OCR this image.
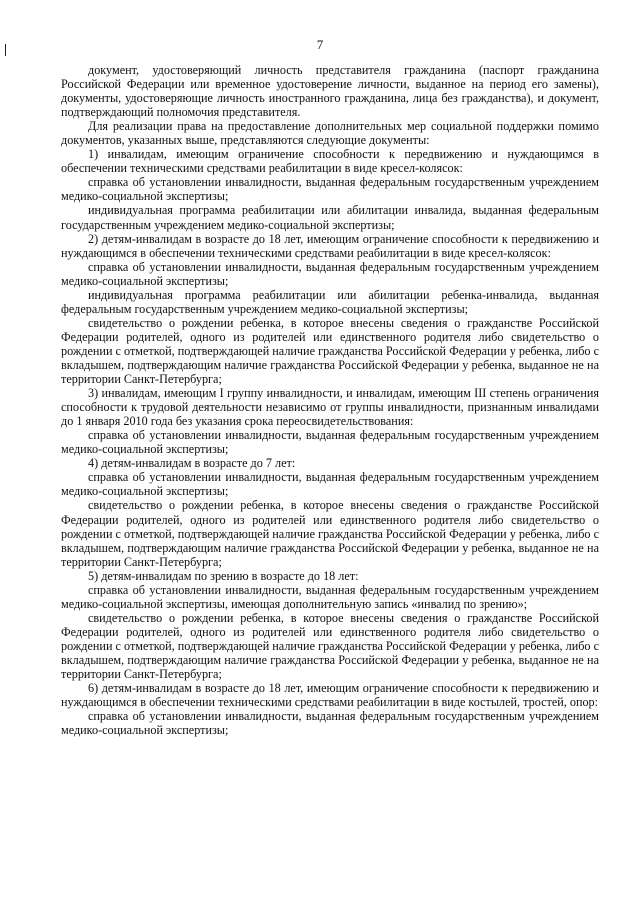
7

документ, удостоверяющий личность представителя гражданина (паспорт гражданина Российской Федерации или временное удостоверение личности, выданное на период его замены), документы, удостоверяющие личность иностранного гражданина, лица без гражданства), и документ, подтверждающий полномочия представителя.

Для реализации права на предоставление дополнительных мер социальной поддержки помимо документов, указанных выше, представляются следующие документы:

1) инвалидам, имеющим ограничение способности к передвижению и нуждающимся в обеспечении техническими средствами реабилитации в виде кресел-колясок:

справка об установлении инвалидности, выданная федеральным государственным учреждением медико-социальной экспертизы;

индивидуальная программа реабилитации или абилитации инвалида, выданная федеральным государственным учреждением медико-социальной экспертизы;

2) детям-инвалидам в возрасте до 18 лет, имеющим ограничение способности к передвижению и нуждающимся в обеспечении техническими средствами реабилитации в виде кресел-колясок:

справка об установлении инвалидности, выданная федеральным государственным учреждением медико-социальной экспертизы;

индивидуальная программа реабилитации или абилитации ребенка-инвалида, выданная федеральным государственным учреждением медико-социальной экспертизы;

свидетельство о рождении ребенка, в которое внесены сведения о гражданстве Российской Федерации родителей, одного из родителей или единственного родителя либо свидетельство о рождении с отметкой, подтверждающей наличие гражданства Российской Федерации у ребенка, либо с вкладышем, подтверждающим наличие гражданства Российской Федерации у ребенка, выданное не на территории Санкт-Петербурга;

3) инвалидам, имеющим I группу инвалидности, и инвалидам, имеющим III степень ограничения способности к трудовой деятельности независимо от группы инвалидности, признанным инвалидами до 1 января 2010 года без указания срока переосвидетельствования:

справка об установлении инвалидности, выданная федеральным государственным учреждением медико-социальной экспертизы;

4) детям-инвалидам в возрасте до 7 лет:

справка об установлении инвалидности, выданная федеральным государственным учреждением медико-социальной экспертизы;

свидетельство о рождении ребенка, в которое внесены сведения о гражданстве Российской Федерации родителей, одного из родителей или единственного родителя либо свидетельство о рождении с отметкой, подтверждающей наличие гражданства Российской Федерации у ребенка, либо с вкладышем, подтверждающим наличие гражданства Российской Федерации у ребенка, выданное не на территории Санкт-Петербурга;

5) детям-инвалидам по зрению в возрасте до 18 лет:

справка об установлении инвалидности, выданная федеральным государственным учреждением медико-социальной экспертизы, имеющая дополнительную запись «инвалид по зрению»;

свидетельство о рождении ребенка, в которое внесены сведения о гражданстве Российской Федерации родителей, одного из родителей или единственного родителя либо свидетельство о рождении с отметкой, подтверждающей наличие гражданства Российской Федерации у ребенка, либо с вкладышем, подтверждающим наличие гражданства Российской Федерации у ребенка, выданное не на территории Санкт-Петербурга;

6) детям-инвалидам в возрасте до 18 лет, имеющим ограничение способности к передвижению и нуждающимся в обеспечении техническими средствами реабилитации в виде костылей, тростей, опор:

справка об установлении инвалидности, выданная федеральным государственным учреждением медико-социальной экспертизы;
